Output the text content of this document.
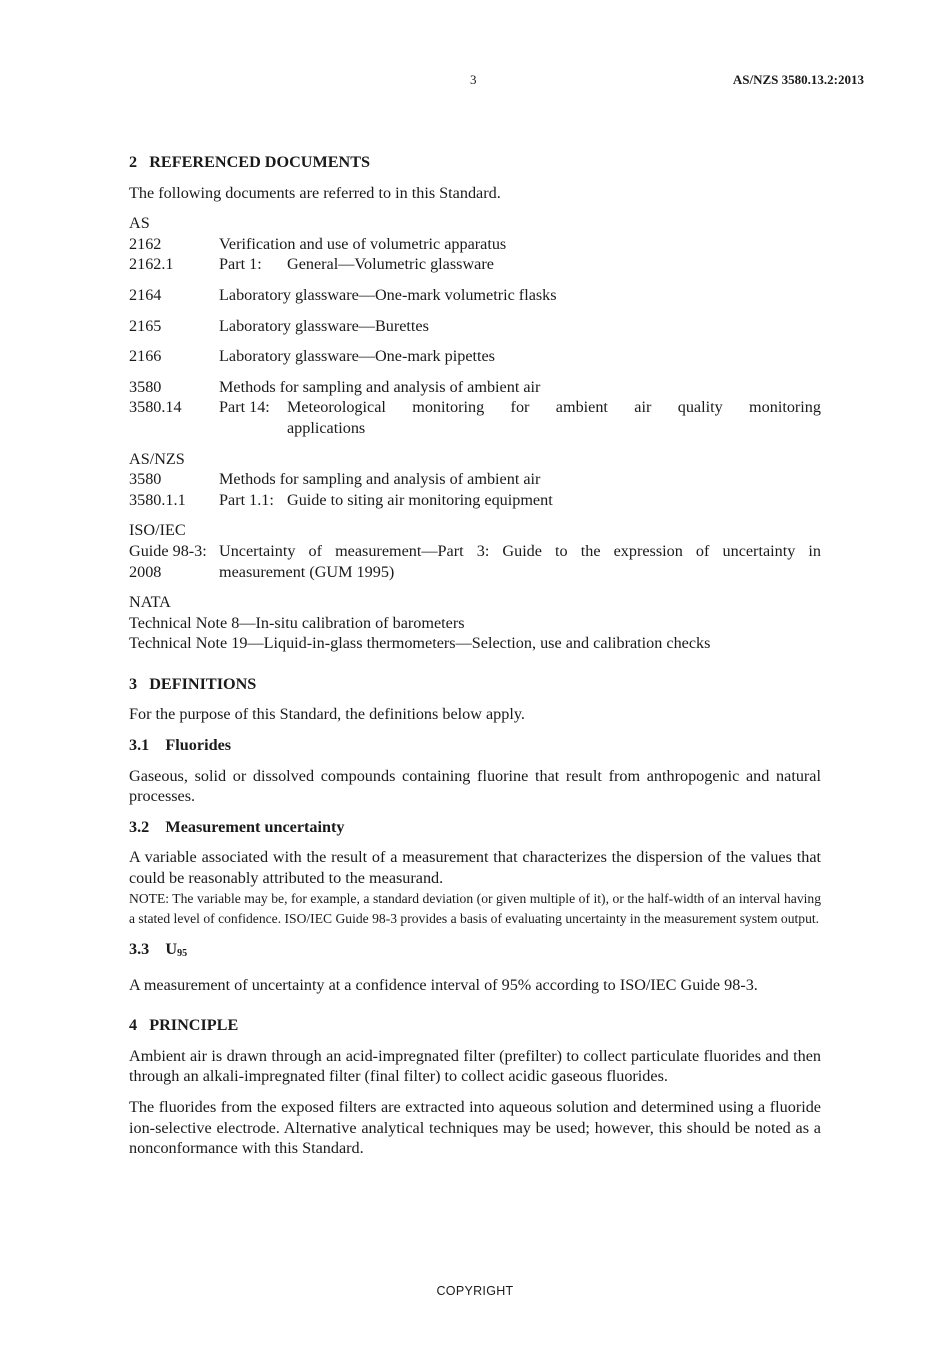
3	AS/NZS 3580.13.2:2013

2   REFERENCED DOCUMENTS

The following documents are referred to in this Standard.

AS
2162	Verification and use of volumetric apparatus
2162.1	Part 1: General—Volumetric glassware
2164	Laboratory glassware—One-mark volumetric flasks
2165	Laboratory glassware—Burettes
2166	Laboratory glassware—One-mark pipettes
3580	Methods for sampling and analysis of ambient air
3580.14	Part 14:	Meteorological monitoring for ambient air quality monitoring
applications
AS/NZS
3580	Methods for sampling and analysis of ambient air
3580.1.1	Part 1.1: Guide to siting air monitoring equipment
ISO/IEC
Guide 98-3: Uncertainty of measurement—Part 3: Guide to the expression of uncertainty in
2008	measurement (GUM 1995)
NATA
Technical Note 8—In-situ calibration of barometers
Technical Note 19—Liquid-in-glass thermometers—Selection, use and calibration checks

3   DEFINITIONS

For the purpose of this Standard, the definitions below apply.

3.1    Fluorides

Gaseous, solid or dissolved compounds containing fluorine that result from anthropogenic and natural processes.

3.2    Measurement uncertainty

A variable associated with the result of a measurement that characterizes the dispersion of the values that could be reasonably attributed to the measurand.

NOTE: The variable may be, for example, a standard deviation (or given multiple of it), or the half-width of an interval having a stated level of confidence. ISO/IEC Guide 98-3 provides a basis of evaluating uncertainty in the measurement system output.

3.3    $U_{95}$

A measurement of uncertainty at a confidence interval of 95% according to ISO/IEC Guide 98-3.

4   PRINCIPLE

Ambient air is drawn through an acid-impregnated filter (prefilter) to collect particulate fluorides and then through an alkali-impregnated filter (final filter) to collect acidic gaseous fluorides.

The fluorides from the exposed filters are extracted into aqueous solution and determined using a fluoride ion-selective electrode. Alternative analytical techniques may be used; however, this should be noted as a nonconformance with this Standard.

COPYRIGHT
